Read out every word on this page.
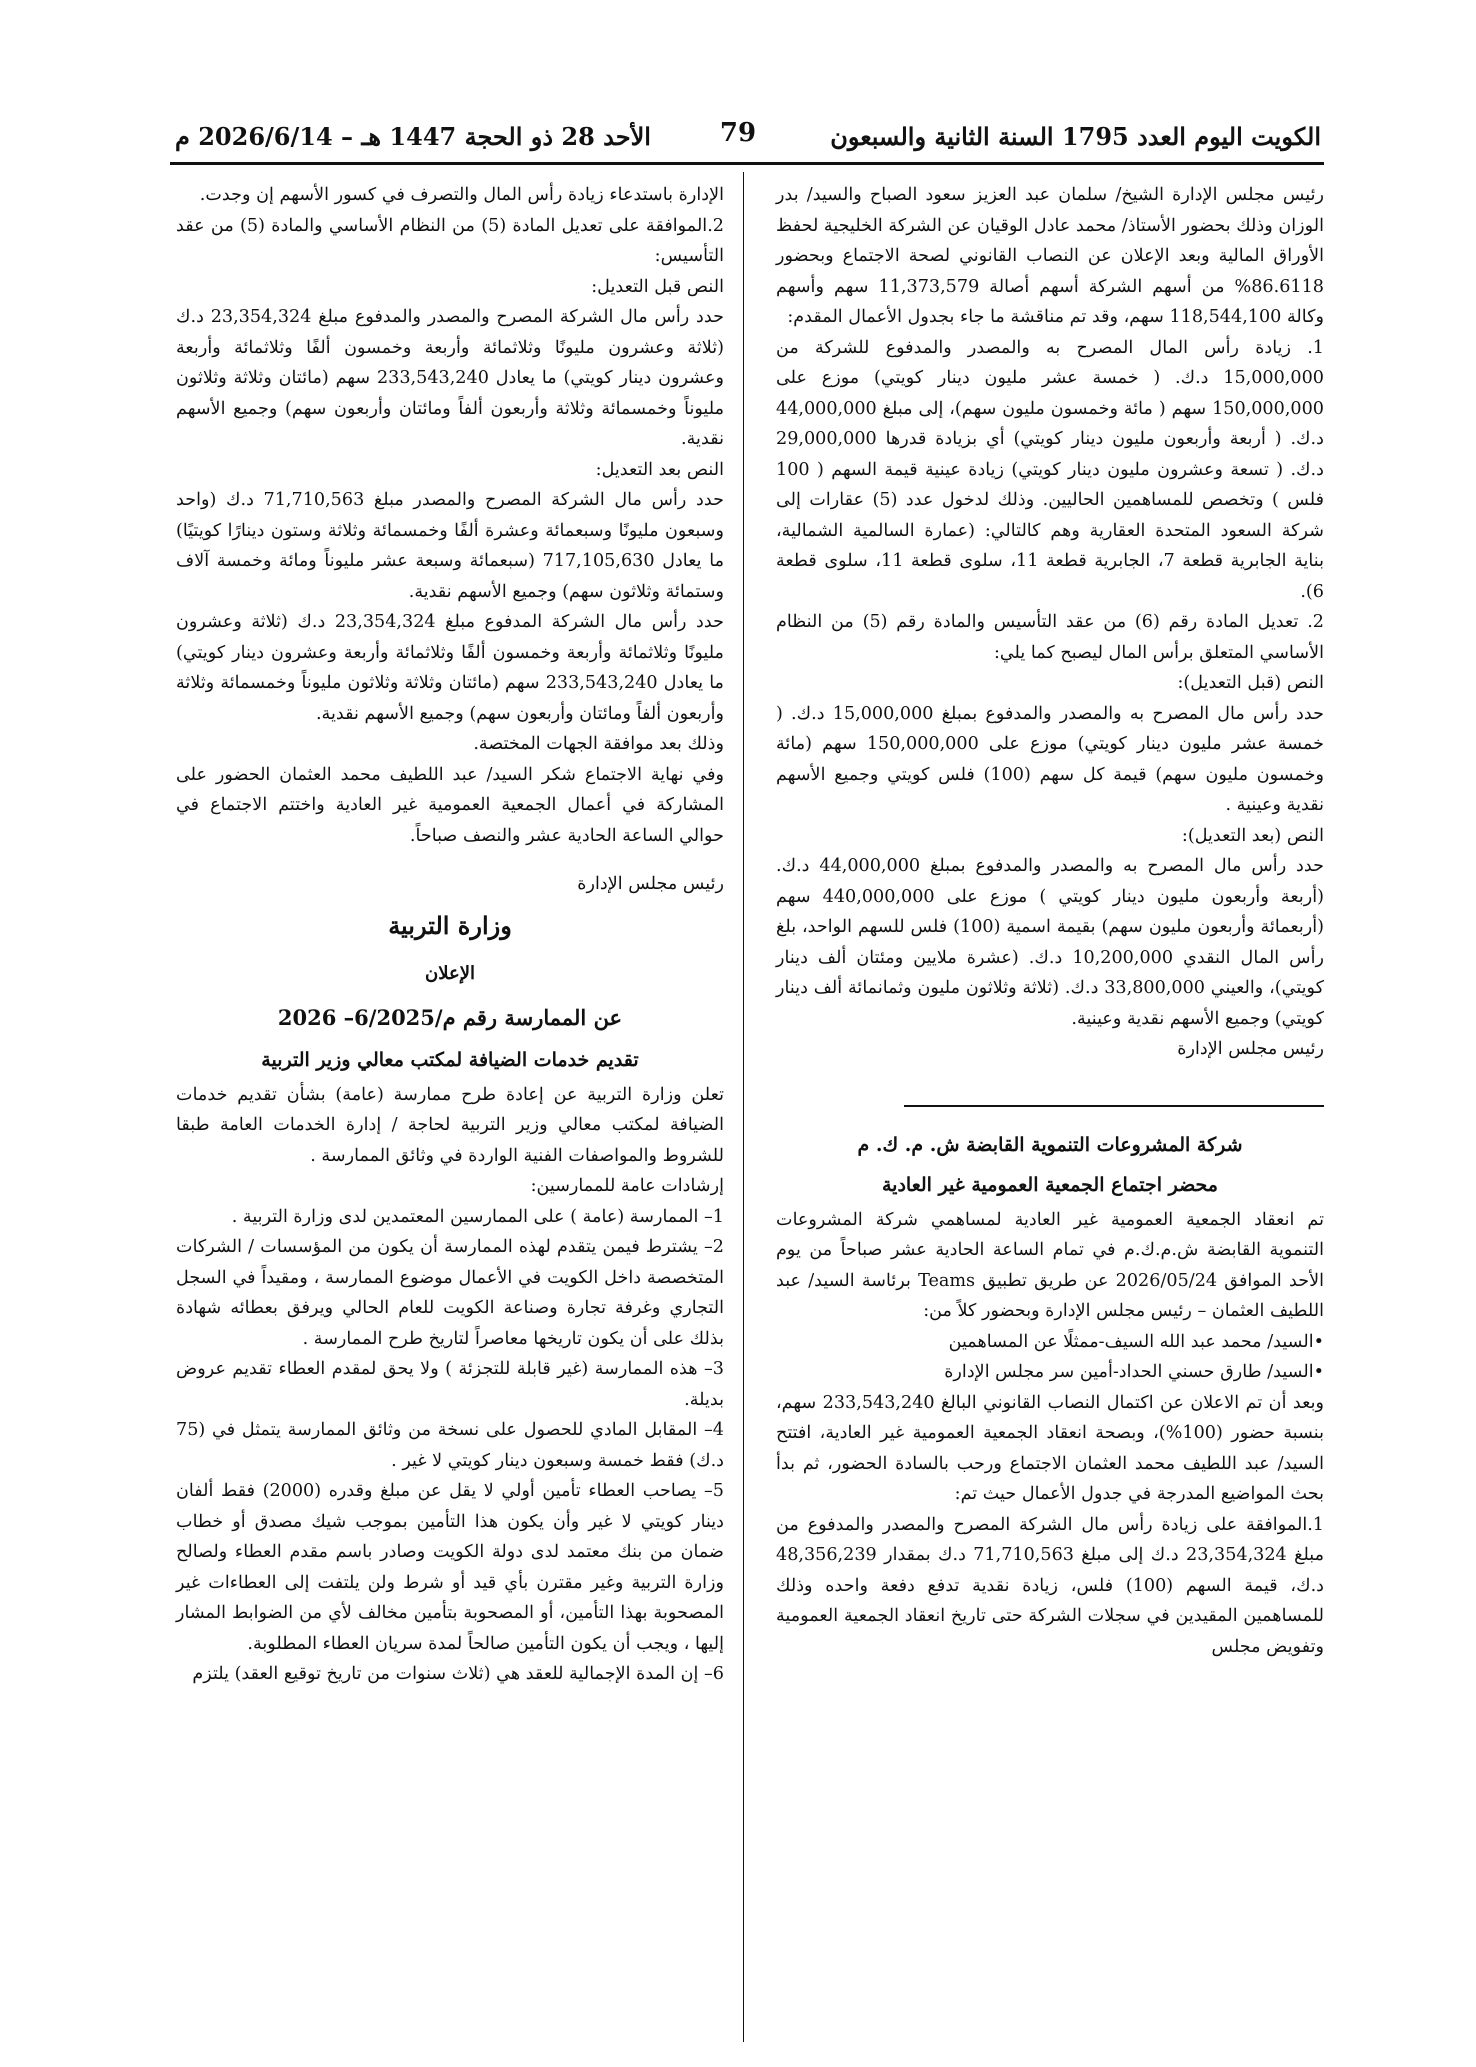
الكويت اليوم العدد 1795 السنة الثانية والسبعون
79
الأحد 28 ذو الحجة 1447 هـ – 2026/6/14 م

رئيس مجلس الإدارة الشيخ/ سلمان عبد العزيز سعود الصباح والسيد/ بدر الوزان وذلك بحضور الأستاذ/ محمد عادل الوقيان عن الشركة الخليجية لحفظ الأوراق المالية وبعد الإعلان عن النصاب القانوني لصحة الاجتماع وبحضور 86.6118% من أسهم الشركة أسهم أصالة 11,373,579 سهم وأسهم وكالة 118,544,100 سهم، وقد تم مناقشة ما جاء بجدول الأعمال المقدم:

1. زيادة رأس المال المصرح به والمصدر والمدفوع للشركة من 15,000,000 د.ك. ( خمسة عشر مليون دينار كويتي) موزع على 150,000,000 سهم ( مائة وخمسون مليون سهم)، إلى مبلغ 44,000,000 د.ك. ( أربعة وأربعون مليون دينار كويتي) أي بزيادة قدرها 29,000,000 د.ك. ( تسعة وعشرون مليون دينار كويتي) زيادة عينية قيمة السهم ( 100 فلس ) وتخصص للمساهمين الحاليين. وذلك لدخول عدد (5) عقارات إلى شركة السعود المتحدة العقارية وهم كالتالي: (عمارة السالمية الشمالية، بناية الجابرية قطعة 7، الجابرية قطعة 11، سلوى قطعة 11، سلوى قطعة 6).

2. تعديل المادة رقم (6) من عقد التأسيس والمادة رقم (5) من النظام الأساسي المتعلق برأس المال ليصبح كما يلي:

النص (قبل التعديل):

حدد رأس مال المصرح به والمصدر والمدفوع بمبلغ 15,000,000 د.ك. ( خمسة عشر مليون دينار كويتي) موزع على 150,000,000 سهم (مائة وخمسون مليون سهم) قيمة كل سهم (100) فلس كويتي وجميع الأسهم نقدية وعينية .

النص (بعد التعديل):

حدد رأس مال المصرح به والمصدر والمدفوع بمبلغ 44,000,000 د.ك. (أربعة وأربعون مليون دينار كويتي ) موزع على 440,000,000 سهم (أربعمائة وأربعون مليون سهم) بقيمة اسمية (100) فلس للسهم الواحد، بلغ رأس المال النقدي 10,200,000 د.ك. (عشرة ملايين ومئتان ألف دينار كويتي)، والعيني 33,800,000 د.ك. (ثلاثة وثلاثون مليون وثمانمائة ألف دينار كويتي) وجميع الأسهم نقدية وعينية.

رئيس مجلس الإدارة

شركة المشروعات التنموية القابضة ش. م. ك. م

محضر اجتماع الجمعية العمومية غير العادية

تم انعقاد الجمعية العمومية غير العادية لمساهمي شركة المشروعات التنموية القابضة ش.م.ك.م في تمام الساعة الحادية عشر صباحاً من يوم الأحد الموافق 2026/05/24 عن طريق تطبيق Teams برئاسة السيد/ عبد اللطيف العثمان – رئيس مجلس الإدارة وبحضور كلاً من:

•السيد/ محمد عبد الله السيف-ممثلًا عن المساهمين

•السيد/ طارق حسني الحداد-أمين سر مجلس الإدارة

وبعد أن تم الاعلان عن اكتمال النصاب القانوني البالغ 233,543,240 سهم، بنسبة حضور (100%)، وبصحة انعقاد الجمعية العمومية غير العادية، افتتح السيد/ عبد اللطيف محمد العثمان الاجتماع ورحب بالسادة الحضور، ثم بدأ بحث المواضيع المدرجة في جدول الأعمال حيث تم:

1.الموافقة على زيادة رأس مال الشركة المصرح والمصدر والمدفوع من مبلغ 23,354,324 د.ك إلى مبلغ 71,710,563 د.ك بمقدار 48,356,239 د.ك، قيمة السهم (100) فلس، زيادة نقدية تدفع دفعة واحده وذلك للمساهمين المقيدين في سجلات الشركة حتى تاريخ انعقاد الجمعية العمومية وتفويض مجلس

الإدارة باستدعاء زيادة رأس المال والتصرف في كسور الأسهم إن وجدت.

2.الموافقة على تعديل المادة (5) من النظام الأساسي والمادة (5) من عقد التأسيس:

النص قبل التعديل:

حدد رأس مال الشركة المصرح والمصدر والمدفوع مبلغ 23,354,324 د.ك (ثلاثة وعشرون مليونًا وثلاثمائة وأربعة وخمسون ألفًا وثلاثمائة وأربعة وعشرون دينار كويتي) ما يعادل 233,543,240 سهم (مائتان وثلاثة وثلاثون مليوناً وخمسمائة وثلاثة وأربعون ألفاً ومائتان وأربعون سهم) وجميع الأسهم نقدية.

النص بعد التعديل:

حدد رأس مال الشركة المصرح والمصدر مبلغ 71,710,563 د.ك (واحد وسبعون مليونًا وسبعمائة وعشرة ألفًا وخمسمائة وثلاثة وستون دينارًا كويتيًا) ما يعادل 717,105,630 (سبعمائة وسبعة عشر مليوناً ومائة وخمسة آلاف وستمائة وثلاثون سهم) وجميع الأسهم نقدية.

حدد رأس مال الشركة المدفوع مبلغ 23,354,324 د.ك (ثلاثة وعشرون مليونًا وثلاثمائة وأربعة وخمسون ألفًا وثلاثمائة وأربعة وعشرون دينار كويتي) ما يعادل 233,543,240 سهم (مائتان وثلاثة وثلاثون مليوناً وخمسمائة وثلاثة وأربعون ألفاً ومائتان وأربعون سهم) وجميع الأسهم نقدية.

وذلك بعد موافقة الجهات المختصة.

وفي نهاية الاجتماع شكر السيد/ عبد اللطيف محمد العثمان الحضور على المشاركة في أعمال الجمعية العمومية غير العادية واختتم الاجتماع في حوالي الساعة الحادية عشر والنصف صباحاً.

رئيس مجلس الإدارة

وزارة التربية

الإعلان

عن الممارسة رقم م/6/2025– 2026

تقديم خدمات الضيافة لمكتب معالي وزير التربية

تعلن وزارة التربية عن إعادة طرح ممارسة (عامة) بشأن تقديم خدمات الضيافة لمكتب معالي وزير التربية لحاجة / إدارة الخدمات العامة طبقا للشروط والمواصفات الفنية الواردة في وثائق الممارسة .

إرشادات عامة للممارسين:

1– الممارسة (عامة ) على الممارسين المعتمدين لدى وزارة التربية .

2– يشترط فيمن يتقدم لهذه الممارسة أن يكون من المؤسسات / الشركات المتخصصة داخل الكويت في الأعمال موضوع الممارسة ، ومقيداً في السجل التجاري وغرفة تجارة وصناعة الكويت للعام الحالي ويرفق بعطائه شهادة بذلك على أن يكون تاريخها معاصراً لتاريخ طرح الممارسة .

3– هذه الممارسة (غير قابلة للتجزئة ) ولا يحق لمقدم العطاء تقديم عروض بديلة.

4– المقابل المادي للحصول على نسخة من وثائق الممارسة يتمثل في (75 د.ك) فقط خمسة وسبعون دينار كويتي لا غير .

5– يصاحب العطاء تأمين أولي لا يقل عن مبلغ وقدره (2000) فقط ألفان دينار كويتي لا غير وأن يكون هذا التأمين بموجب شيك مصدق أو خطاب ضمان من بنك معتمد لدى دولة الكويت وصادر باسم مقدم العطاء ولصالح وزارة التربية وغير مقترن بأي قيد أو شرط ولن يلتفت إلى العطاءات غير المصحوبة بهذا التأمين، أو المصحوبة بتأمين مخالف لأي من الضوابط المشار إليها ، ويجب أن يكون التأمين صالحاً لمدة سريان العطاء المطلوبة.

6– إن المدة الإجمالية للعقد هي (ثلاث سنوات من تاريخ توقيع العقد) يلتزم
